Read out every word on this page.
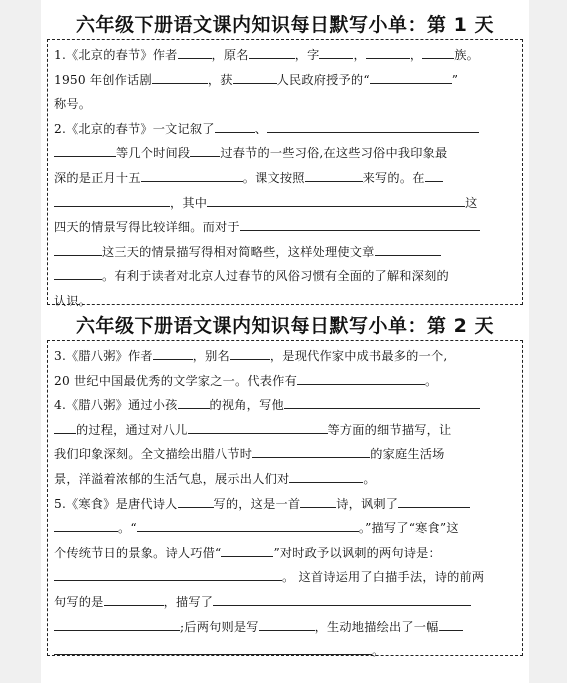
六年级下册语文课内知识每日默写小单：第 1 天
1.《北京的春节》作者	，原名	，字	，	，	族。
1950 年创作话剧	，获	人民政府授予的“	”
称号。
2.《北京的春节》一文记叙了	、
等几个时间段 过春节的一些习俗,在这些习俗中我印象最
深的是正月十五	。课文按照	来写的。在
，其中	这
四天的情景写得比较详细。而对于
这三天的情景描写得相对简略些，这样处理使文章
。有利于读者对北京人过春节的风俗习惯有全面的了解和深刻的
认识。
六年级下册语文课内知识每日默写小单：第 2 天
3.《腊八粥》作者	，别名	，是现代作家中成书最多的一个,
20 世纪中国最优秀的文学家之一。代表作有	。
4.《腊八粥》通过小孩	的视角，写他
的过程，通过对八儿	等方面的细节描写，让
我们印象深刻。全文描绘出腊八节时	的家庭生活场
景，洋溢着浓郁的生活气息，展示出人们对	。
5.《寒食》是唐代诗人	写的，这是一首	诗，讽刺了
。“	。”描写了“寒食”这
个传统节日的景象。诗人巧借“	”对时政予以讽刺的两句诗是：
。 这首诗运用了白描手法，诗的前两
句写的是	，描写了
;后两句则是写	，生动地描绘出了一幅
。
